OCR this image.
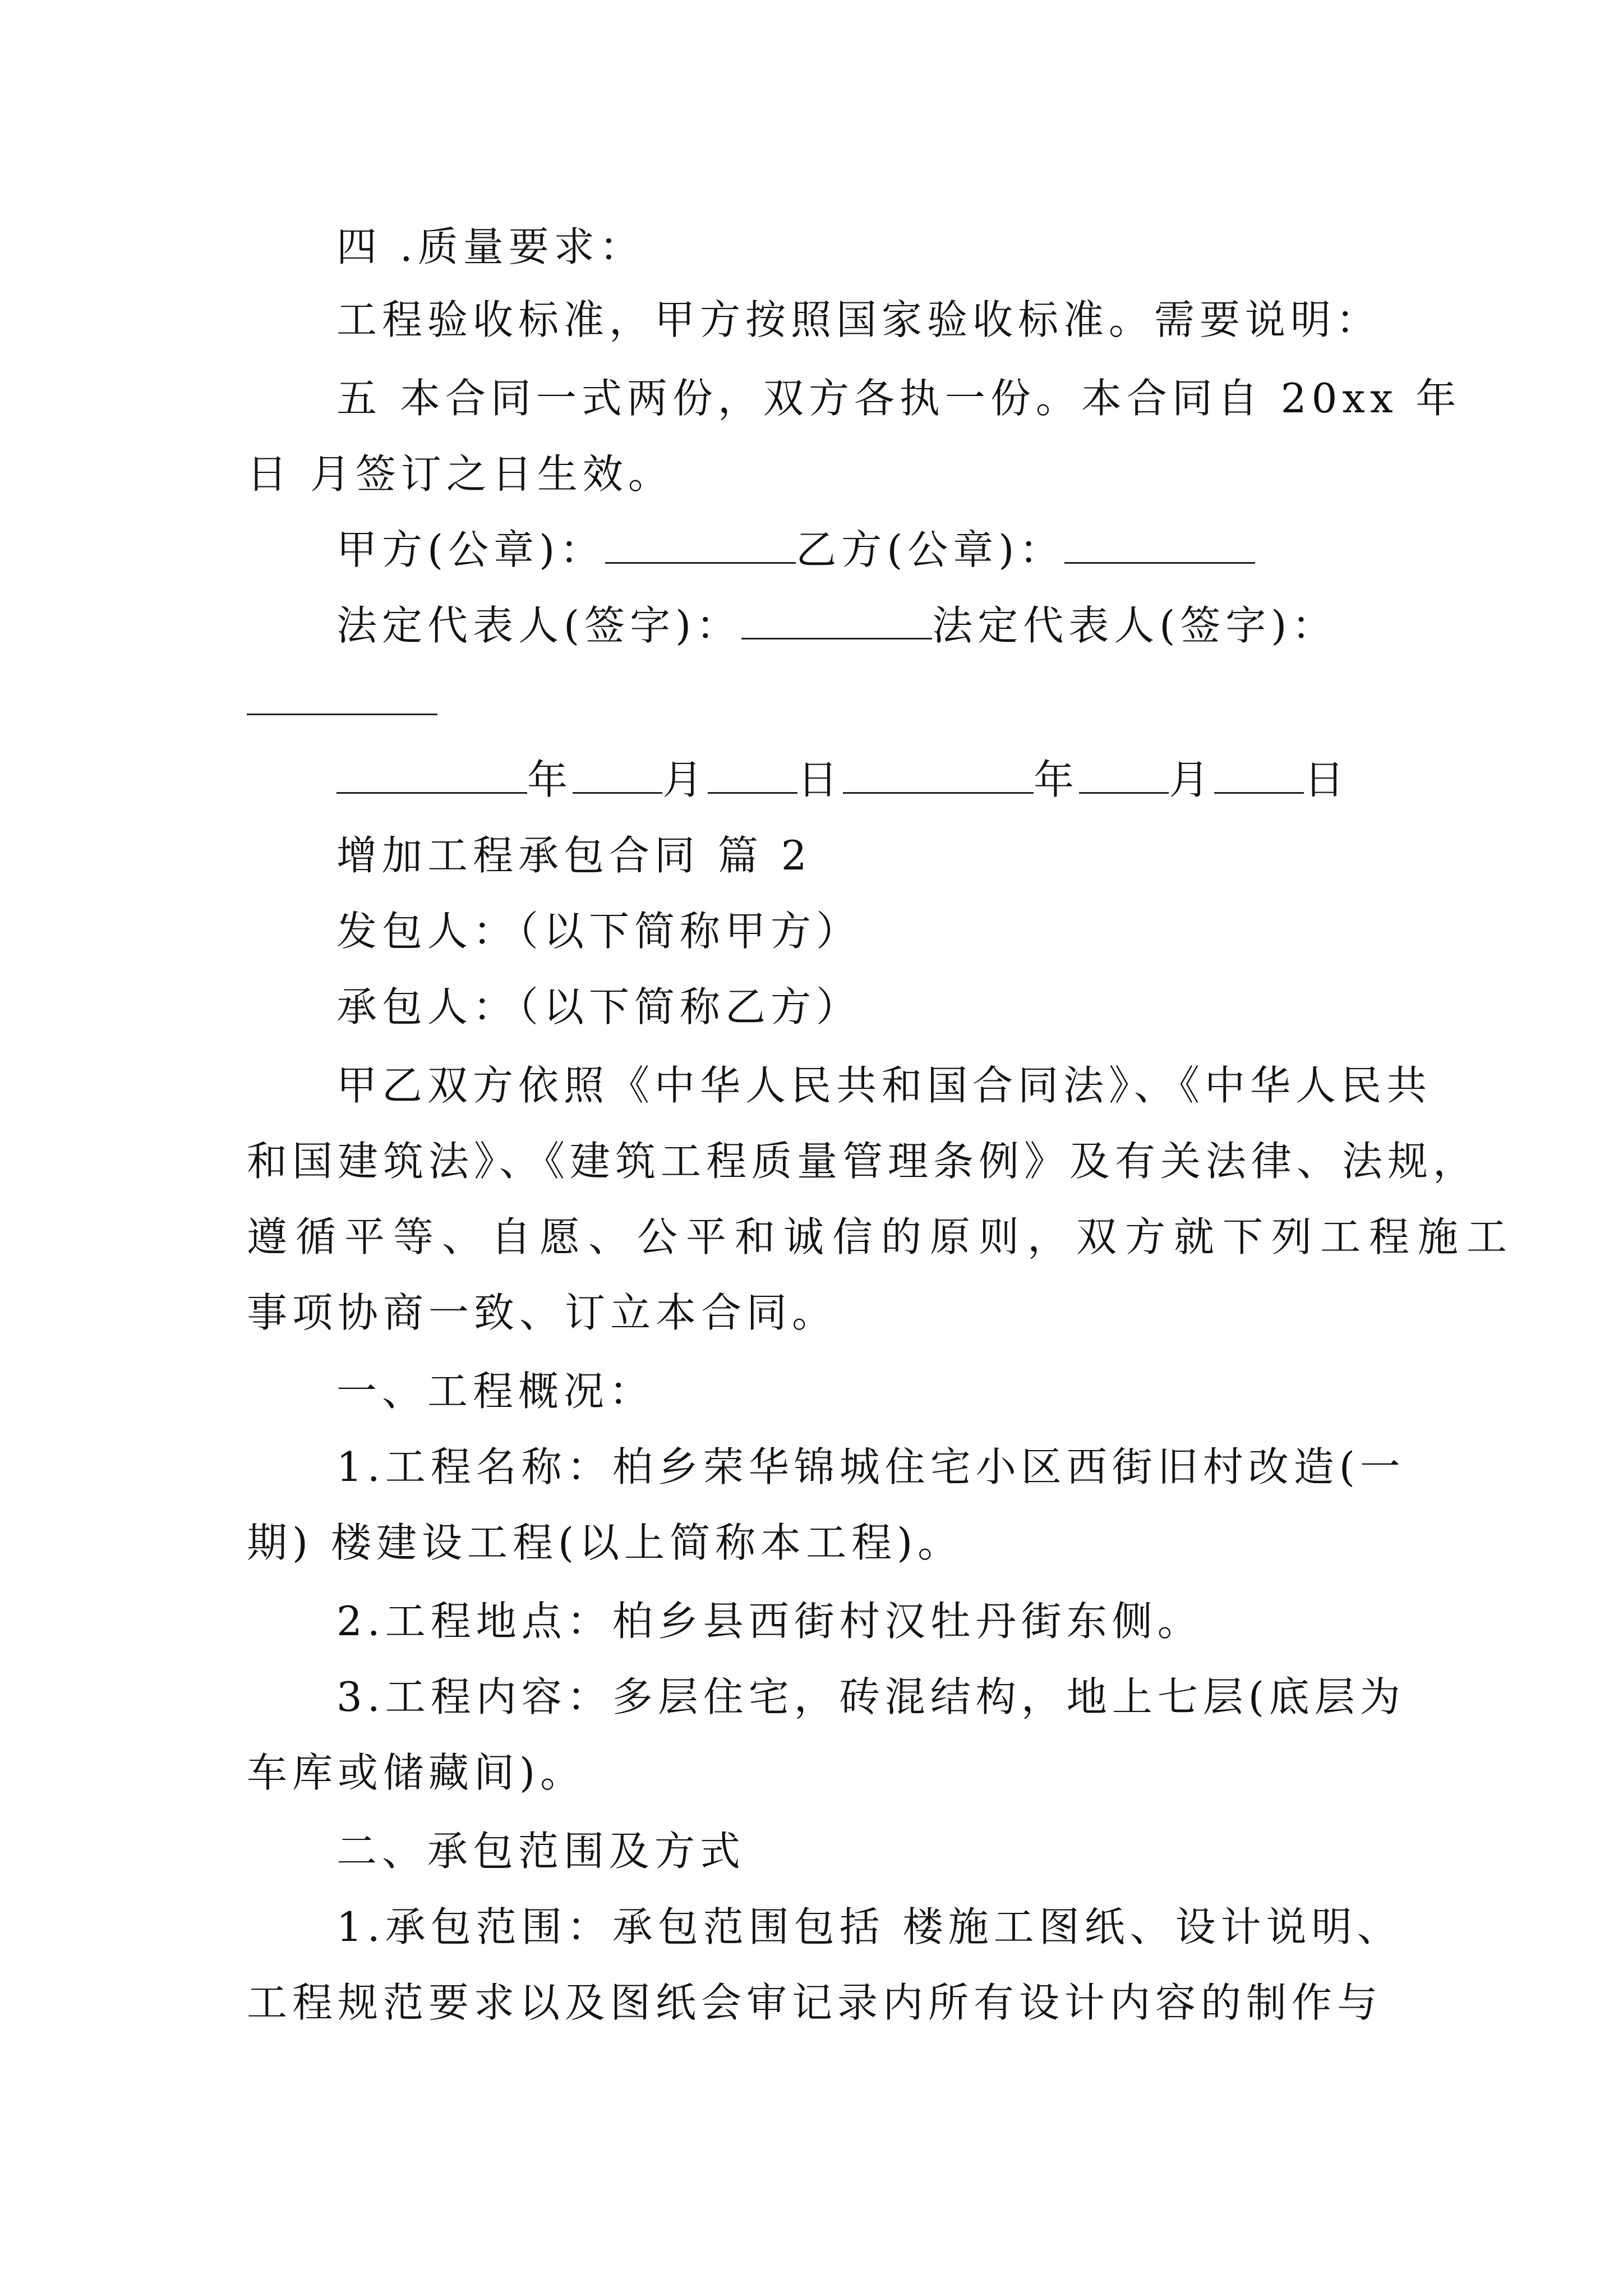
四 .质量要求：
工程验收标准，甲方按照国家验收标准。需要说明：
五 本合同一式两份，双方各执一份。本合同自 20xx 年
日 月签订之日生效。
甲方(公章)：	乙方(公章)：
法定代表人(签字)：	法定代表人(签字)：
年 月 日	年 月 日
增加工程承包合同 篇 2
发包人：（以下简称甲方）
承包人：（以下简称乙方）
甲乙双方依照《中华人民共和国合同法》、《中华人民共
和国建筑法》、《建筑工程质量管理条例》及有关法律、法规，
遵循平等、自愿、公平和诚信的原则，双方就下列工程施工
事项协商一致、订立本合同。
一、工程概况：
1.工程名称：柏乡荣华锦城住宅小区西街旧村改造(一
期) 楼建设工程(以上简称本工程)。
2.工程地点：柏乡县西街村汉牡丹街东侧。
3.工程内容：多层住宅，砖混结构，地上七层(底层为
车库或储藏间)。
二、承包范围及方式
1.承包范围：承包范围包括 楼施工图纸、设计说明、
工程规范要求以及图纸会审记录内所有设计内容的制作与
